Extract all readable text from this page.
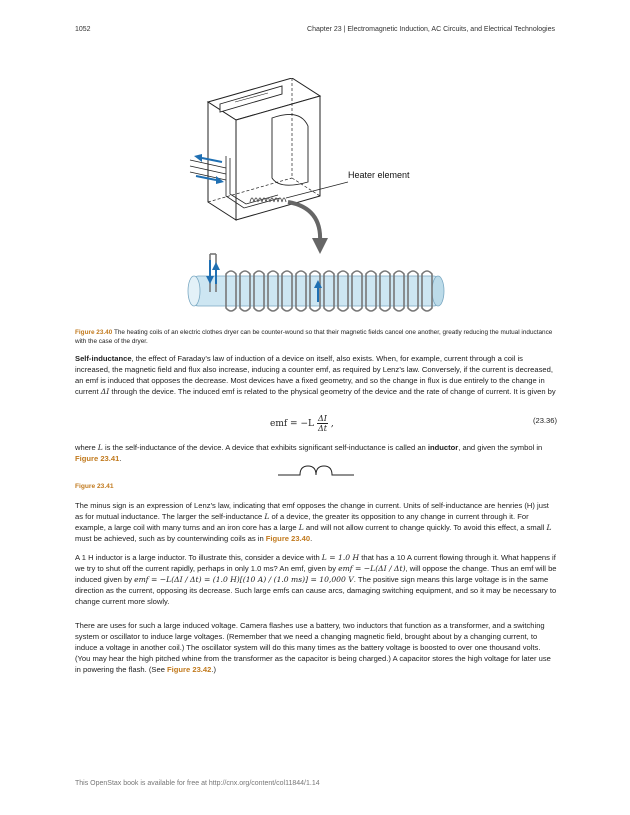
1052	Chapter 23 | Electromagnetic Induction, AC Circuits, and Electrical Technologies
Heater element
Figure 23.40 The heating coils of an electric clothes dryer can be counter-wound so that their magnetic fields cancel one another, greatly reducing the mutual inductance with the case of the dryer.
Self-inductance, the effect of Faraday’s law of induction of a device on itself, also exists. When, for example, current through a coil is increased, the magnetic field and flux also increase, inducing a counter emf, as required by Lenz’s law. Conversely, if the current is decreased, an emf is induced that opposes the decrease. Most devices have a fixed geometry, and so the change in flux is due entirely to the change in current ΔI through the device. The induced emf is related to the physical geometry of the device and the rate of change of current. It is given by
emf = $-L \frac{\Delta I}{\Delta t}$ ,	(23.36)
where L is the self-inductance of the device. A device that exhibits significant self-inductance is called an inductor, and given the symbol in Figure 23.41.
Figure 23.41
The minus sign is an expression of Lenz’s law, indicating that emf opposes the change in current. Units of self-inductance are henries (H) just as for mutual inductance. The larger the self-inductance L of a device, the greater its opposition to any change in current through it. For example, a large coil with many turns and an iron core has a large L and will not allow current to change quickly. To avoid this effect, a small L must be achieved, such as by counterwinding coils as in Figure 23.40.
A 1 H inductor is a large inductor. To illustrate this, consider a device with L = 1.0 H that has a 10 A current flowing through it. What happens if we try to shut off the current rapidly, perhaps in only 1.0 ms? An emf, given by emf = −L(ΔI / Δt), will oppose the change. Thus an emf will be induced given by emf = −L(ΔI / Δt) = (1.0 H)[(10 A) / (1.0 ms)] = 10,000 V. The positive sign means this large voltage is in the same direction as the current, opposing its decrease. Such large emfs can cause arcs, damaging switching equipment, and so it may be necessary to change current more slowly.
There are uses for such a large induced voltage. Camera flashes use a battery, two inductors that function as a transformer, and a switching system or oscillator to induce large voltages. (Remember that we need a changing magnetic field, brought about by a changing current, to induce a voltage in another coil.) The oscillator system will do this many times as the battery voltage is boosted to over one thousand volts. (You may hear the high pitched whine from the transformer as the capacitor is being charged.) A capacitor stores the high voltage for later use in powering the flash. (See Figure 23.42.)
This OpenStax book is available for free at http://cnx.org/content/col11844/1.14
